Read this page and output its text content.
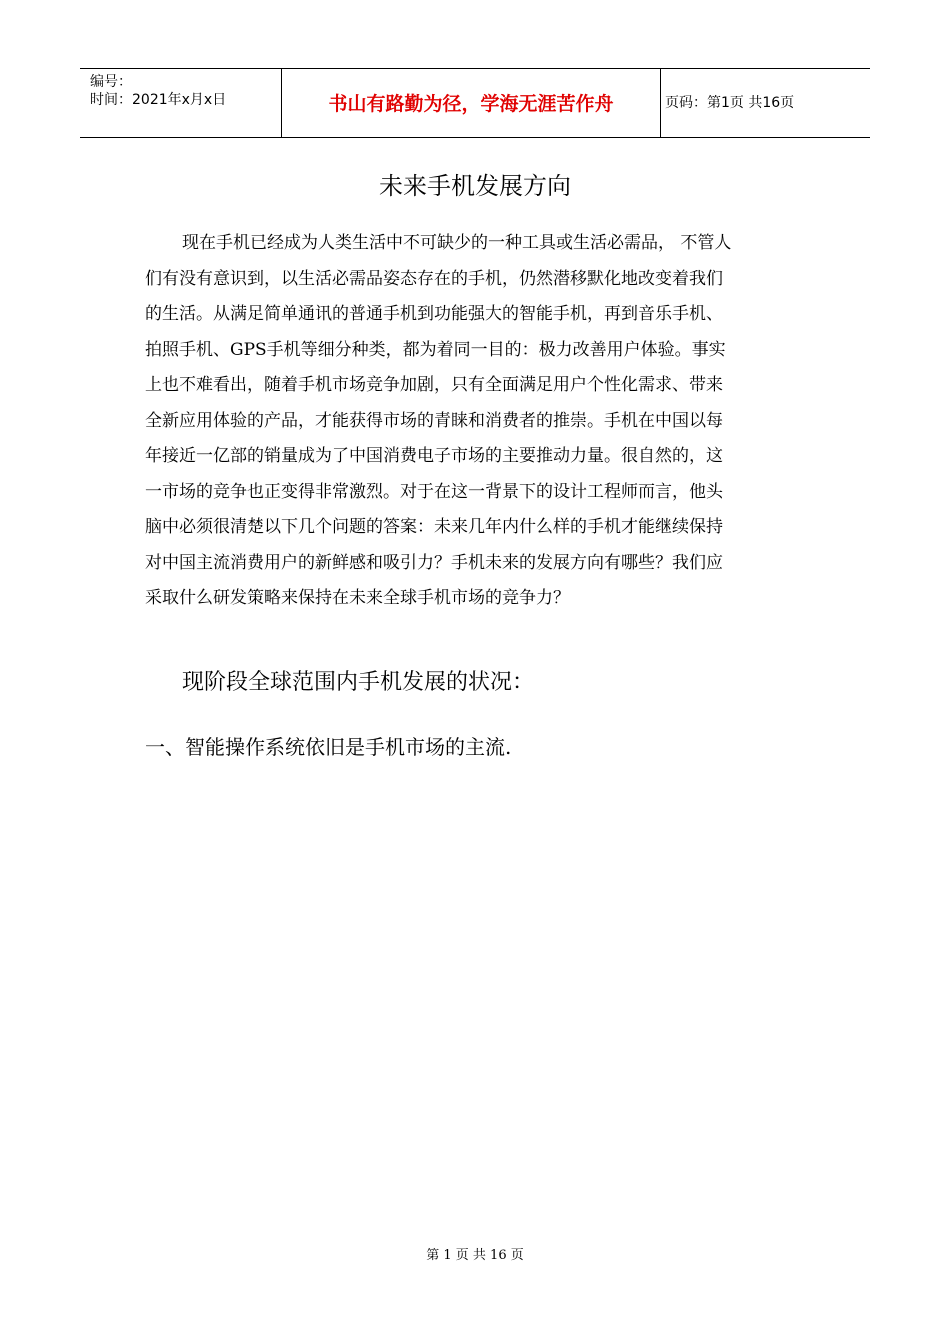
编号：
时间：2021年x月x日	书山有路勤为径，学海无涯苦作舟	页码：第1页 共16页
未来手机发展方向
现在手机已经成为人类生活中不可缺少的一种工具或生活必需品， 不管人
们有没有意识到，以生活必需品姿态存在的手机，仍然潜移默化地改变着我们
的生活。从满足简单通讯的普通手机到功能强大的智能手机，再到音乐手机、
拍照手机、GPS手机等细分种类，都为着同一目的：极力改善用户体验。事实
上也不难看出，随着手机市场竞争加剧，只有全面满足用户个性化需求、带来
全新应用体验的产品，才能获得市场的青睐和消费者的推崇。手机在中国以每
年接近一亿部的销量成为了中国消费电子市场的主要推动力量。很自然的，这
一市场的竞争也正变得非常激烈。对于在这一背景下的设计工程师而言，他头
脑中必须很清楚以下几个问题的答案：未来几年内什么样的手机才能继续保持
对中国主流消费用户的新鲜感和吸引力？手机未来的发展方向有哪些？我们应
采取什么研发策略来保持在未来全球手机市场的竞争力？
现阶段全球范围内手机发展的状况：
一、智能操作系统依旧是手机市场的主流.
第 1 页 共 16 页
